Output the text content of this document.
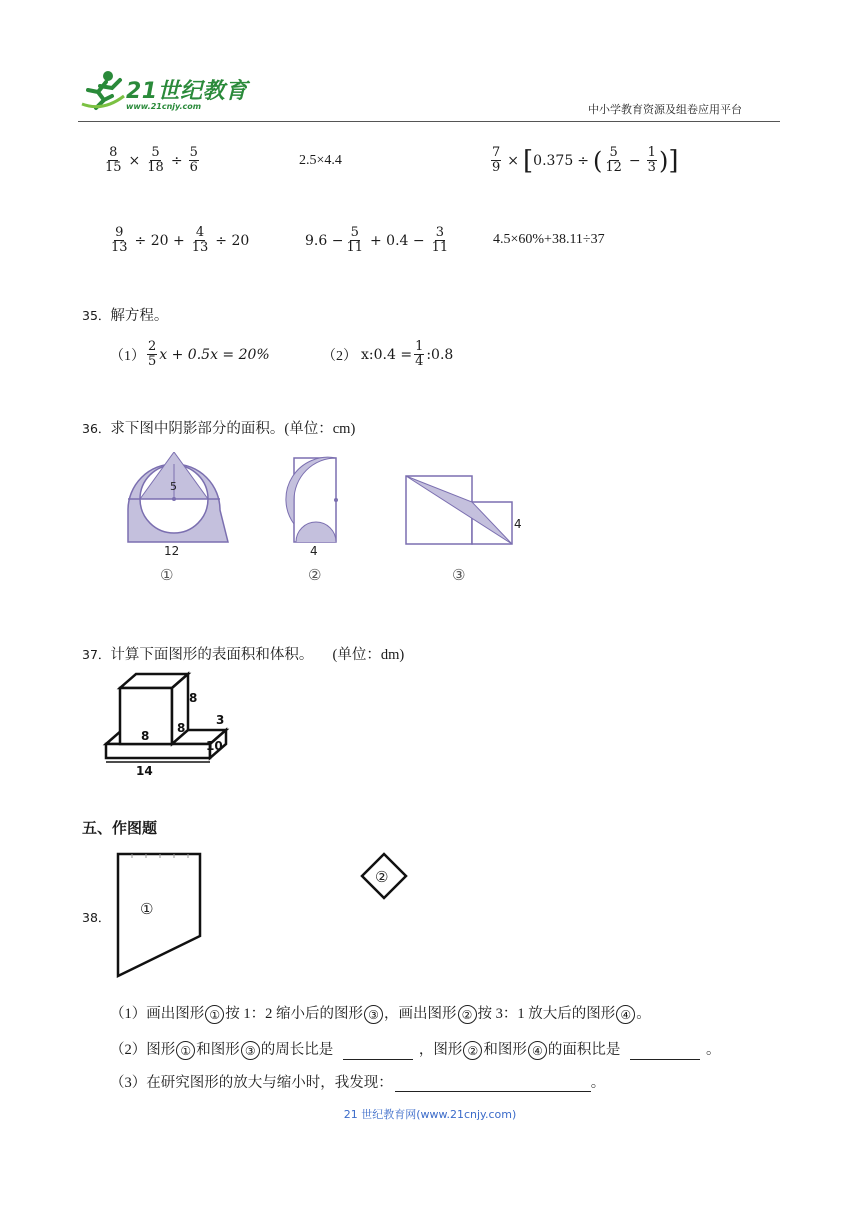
21世纪教育
www.21cnjy.com	中小学教育资源及组卷应用平台
$\frac{8}{15} \times \frac{5}{18} \div \frac{5}{6}$	2.5×4.4	$\frac{7}{9}$ × [ 0.375 ÷ ( $\frac{5}{12} - \frac{1}{3}$ ) ]
$\frac{9}{13} \div 20 + \frac{4}{13} \div 20$	$9.6 - \frac{5}{11} + 0.4 - \frac{3}{11}$	4.5×60%+38.11÷37
35．解方程。
$(1) \frac{2}{5}$ x + 0.5x = 20%	（2） x:0.4 = $\frac{1}{4}$ :0.8
36．求下图中阴影部分的面积。(单位：cm)
5
12
①
4
②
4
③
37．计算下面图形的表面积和体积。 (单位：dm)
8
8
8
3
10
14
五、作图题
38． ①
②
（1）画出图形 ① 按 1：2 缩小后的图形 ③ ，画出图形 ② 按 3：1 放大后的图形 ④ 。
（2）图形 ① 和图形 ③ 的周长比是	，图形 ② 和图形 ④ 的面积比是	。
（3）在研究图形的放大与缩小时，我发现：	。
21 世纪教育网(www.21cnjy.com)
